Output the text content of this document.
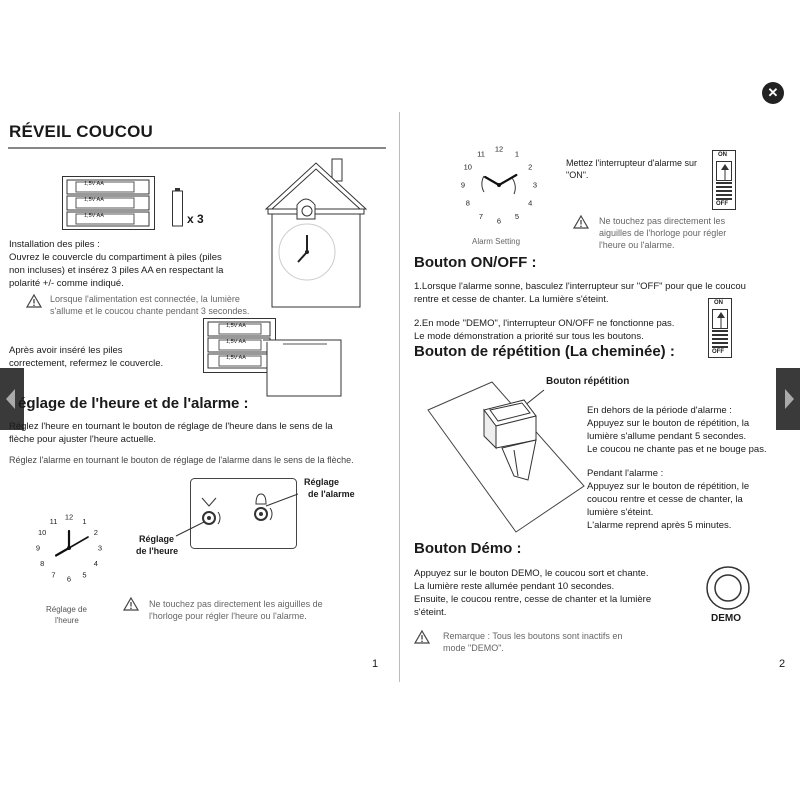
✕
RÉVEIL COUCOU
1,5V AA
1,5V AA
1,5V AA	x 3
Installation des piles :
Ouvrez le couvercle du compartiment à piles (piles
non incluses) et insérez 3 piles AA en respectant la
polarité +/- comme indiqué.
Lorsque l'alimentation est connectée, la lumière
s'allume et le coucou chante pendant 3 secondes.
1,5V AA
1,5V AA
1,5V AA
Après avoir inséré les piles
correctement, refermez le couvercle.
églage de l'heure et de l'alarme :
Réglez l'heure en tournant le bouton de réglage de l'heure dans le sens de la
flèche pour ajuster l'heure actuelle.
Réglez l'alarme en tournant le bouton de réglage de l'alarme dans le sens de la flèche.
Réglage
de l'alarme
Réglage
de l'heure
12 1
2
3
4
5
6
7
8
9
10
11
Réglage de
l'heure
Ne touchez pas directement les aiguilles de
l'horloge pour régler l'heure ou l'alarme.
1
12
1
2
3
4
5
6
7
8
9
10
11
Alarm Setting
Mettez l'interrupteur d'alarme sur
"ON".
ON
OFF
Ne touchez pas directement les
aiguilles de l'horloge pour régler
l'heure ou l'alarme.
Bouton ON/OFF :
1.Lorsque l'alarme sonne, basculez l'interrupteur sur "OFF" pour que le coucou
rentre et cesse de chanter. La lumière s'éteint.
2.En mode "DEMO", l'interrupteur ON/OFF ne fonctionne pas.
Le mode démonstration a priorité sur tous les boutons.
ON
OFF
Bouton de répétition (La cheminée) :
Bouton répétition
En dehors de la période d'alarme :
Appuyez sur le bouton de répétition, la
lumière s'allume pendant 5 secondes.
Le coucou ne chante pas et ne bouge pas.
Pendant l'alarme :
Appuyez sur le bouton de répétition, le
coucou rentre et cesse de chanter, la
lumière s'éteint.
L'alarme reprend après 5 minutes.
Bouton Démo :
Appuyez sur le bouton DEMO, le coucou sort et chante.
La lumière reste allumée pendant 10 secondes.
Ensuite, le coucou rentre, cesse de chanter et la lumière
s'éteint.
DEMO
Remarque : Tous les boutons sont inactifs en
mode "DEMO".
2
